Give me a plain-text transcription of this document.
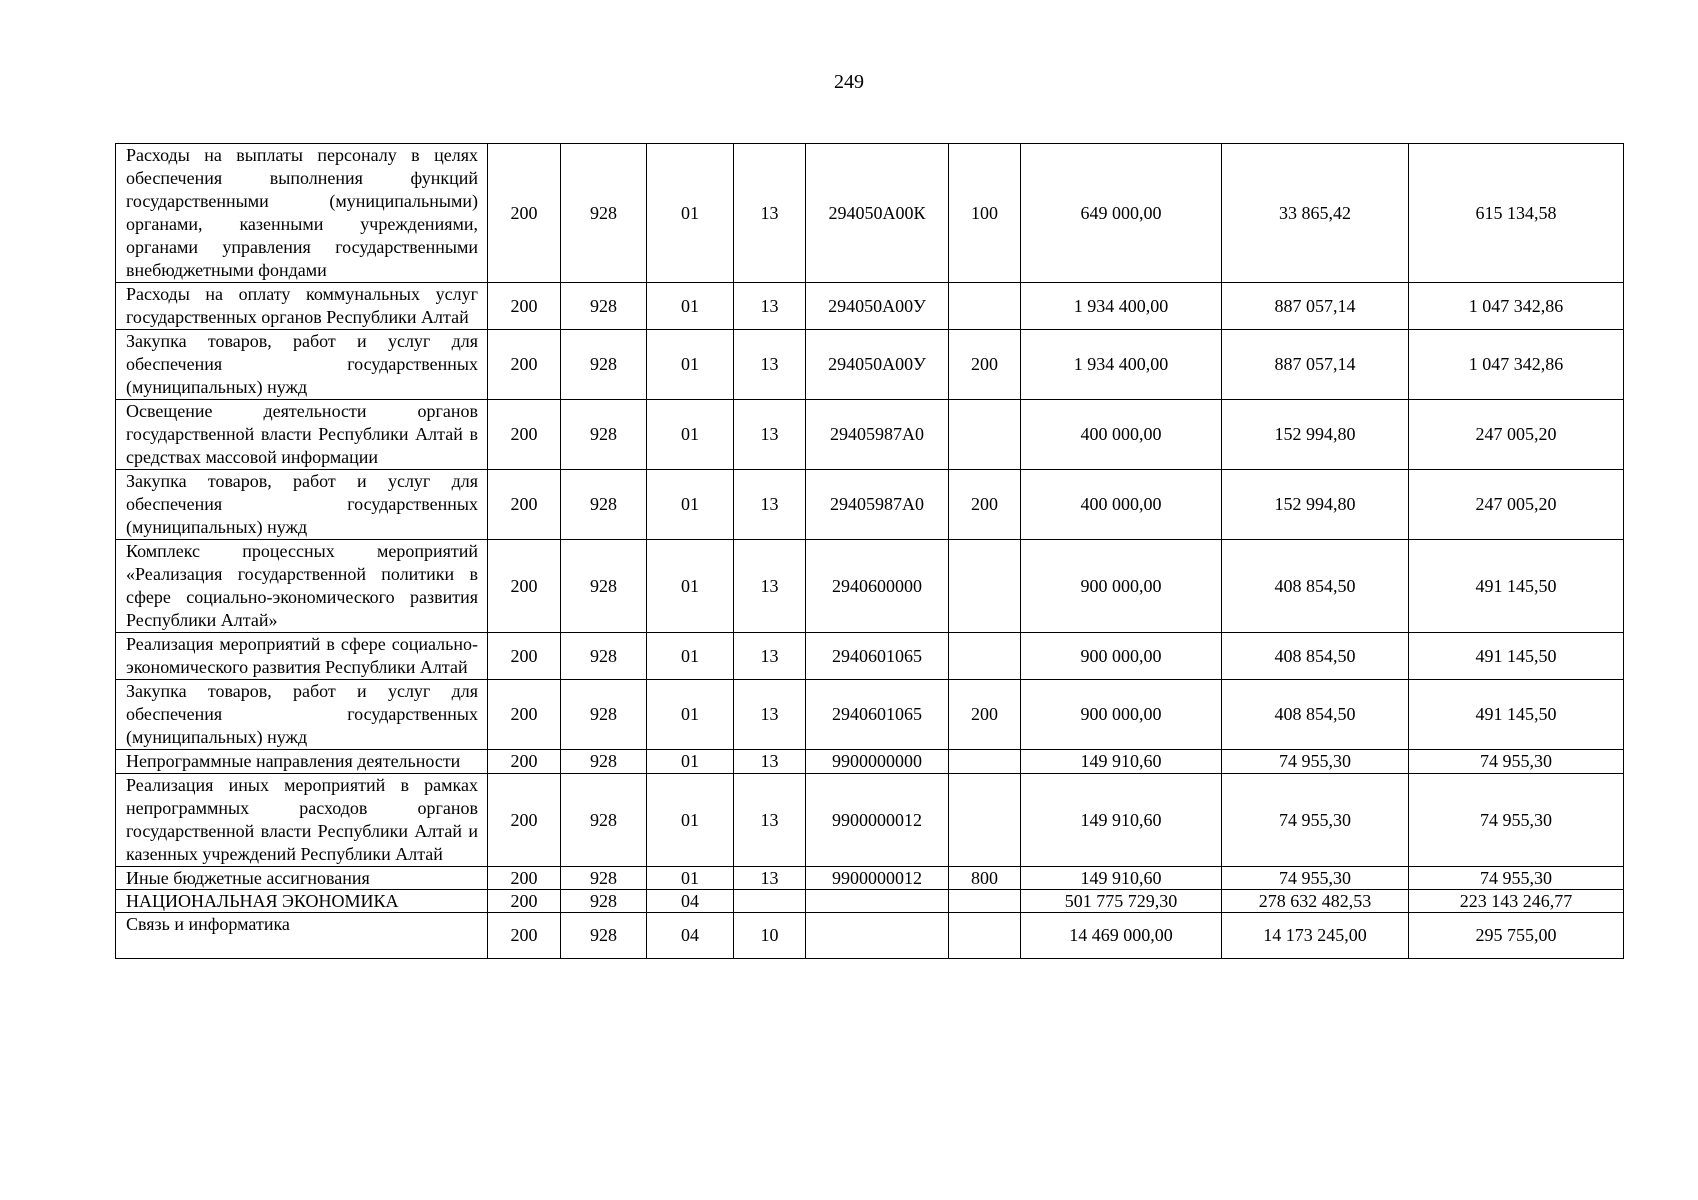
249
Расходы на выплаты персоналу в целях обеспечения выполнения функций государственными (муниципальными) органами, казенными учреждениями, органами управления государственными внебюджетными фондами	200	928	01	13	294050А00К	100	649 000,00	33 865,42	615 134,58
Расходы на оплату коммунальных услуг государственных органов Республики Алтай	200	928	01	13	294050А00У		1 934 400,00	887 057,14	1 047 342,86
Закупка товаров, работ и услуг для обеспечения государственных (муниципальных) нужд	200	928	01	13	294050А00У	200	1 934 400,00	887 057,14	1 047 342,86
Освещение деятельности органов государственной власти Республики Алтай в средствах массовой информации	200	928	01	13	29405987А0		400 000,00	152 994,80	247 005,20
Закупка товаров, работ и услуг для обеспечения государственных (муниципальных) нужд	200	928	01	13	29405987А0	200	400 000,00	152 994,80	247 005,20
Комплекс процессных мероприятий «Реализация государственной политики в сфере социально-экономического развития Республики Алтай»	200	928	01	13	2940600000		900 000,00	408 854,50	491 145,50
Реализация мероприятий в сфере социально-экономического развития Республики Алтай	200	928	01	13	2940601065		900 000,00	408 854,50	491 145,50
Закупка товаров, работ и услуг для обеспечения государственных (муниципальных) нужд	200	928	01	13	2940601065	200	900 000,00	408 854,50	491 145,50
Непрограммные направления деятельности	200	928	01	13	9900000000		149 910,60	74 955,30	74 955,30
Реализация иных мероприятий в рамках непрограммных расходов органов государственной власти Республики Алтай и казенных учреждений Республики Алтай	200	928	01	13	9900000012		149 910,60	74 955,30	74 955,30
Иные бюджетные ассигнования	200	928	01	13	9900000012	800	149 910,60	74 955,30	74 955,30
НАЦИОНАЛЬНАЯ ЭКОНОМИКА	200	928	04				501 775 729,30	278 632 482,53	223 143 246,77
Связь и информатика	200	928	04	10			14 469 000,00	14 173 245,00	295 755,00
